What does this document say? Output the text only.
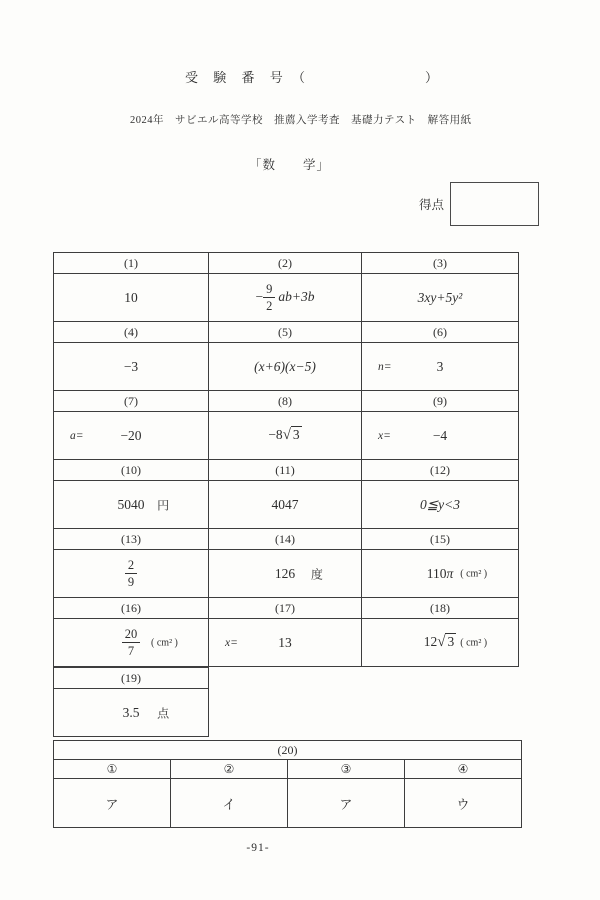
受 験 番 号 （	）
2024年　サビエル高等学校　推薦入学考査　基礎力テスト　解答用紙
「数　　学」
得点
(1)	(2)	(3)
10	− $\frac{9}{2} ab+3b$	3xy+5y²
(4)	(5)	(6)
−3	(x+6)(x−5)	n= 3
(7)	(8)	(9)

a= −20	−8√ 3	x= −4
(10)	(11)	(12)
5040 円	4047	0≦y<3
(13)	(14)	(15)

$\frac{2}{9}$	126 度	110π ( cm² )

(16)	(17)	(18)

$\frac{20}{7}$ ( cm² )	x= 13	12√ 3 ( cm² )
(19)
3.5 点
(20)			
①	②	③	④
ア	イ	ア	ウ
-91-
